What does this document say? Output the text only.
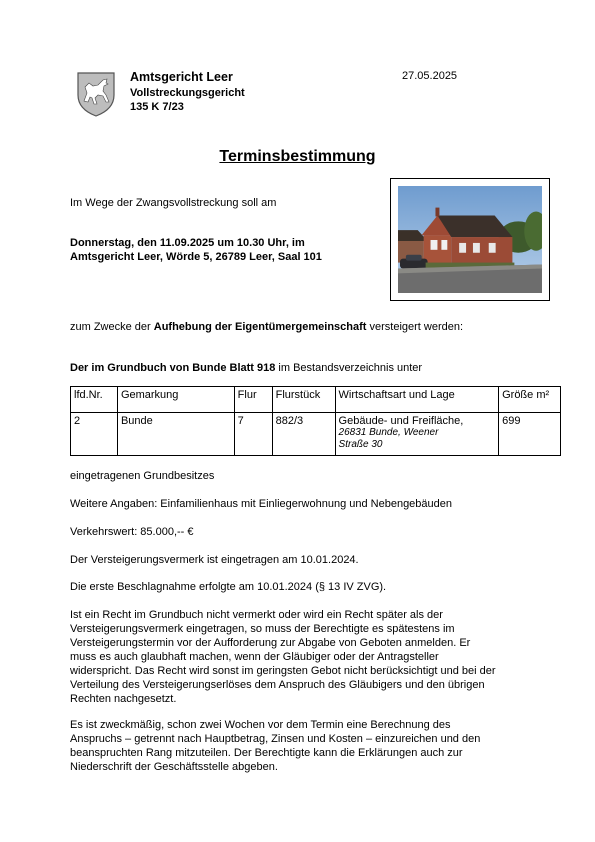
Amtsgericht Leer
Vollstreckungsgericht
135 K 7/23
27.05.2025
Terminsbestimmung
Im Wege der Zwangsvollstreckung soll am
Donnerstag, den 11.09.2025 um 10.30 Uhr, im
Amtsgericht Leer, Wörde 5, 26789 Leer, Saal 101
zum Zwecke der Aufhebung der Eigentümergemeinschaft versteigert werden:
Der im Grundbuch von Bunde Blatt 918 im Bestandsverzeichnis unter
lfd.Nr.	Gemarkung	Flur	Flurstück	Wirtschaftsart und Lage	Größe m²
2	Bunde	7	882/3	Gebäude- und Freifläche,
26831 Bunde, Weener
Straße 30	699
eingetragenen Grundbesitzes
Weitere Angaben: Einfamilienhaus mit Einliegerwohnung und Nebengebäuden
Verkehrswert: 85.000,-- €
Der Versteigerungsvermerk ist eingetragen am 10.01.2024.
Die erste Beschlagnahme erfolgte am 10.01.2024 (§ 13 IV ZVG).
Ist ein Recht im Grundbuch nicht vermerkt oder wird ein Recht später als der
Versteigerungsvermerk eingetragen, so muss der Berechtigte es spätestens im
Versteigerungstermin vor der Aufforderung zur Abgabe von Geboten anmelden. Er
muss es auch glaubhaft machen, wenn der Gläubiger oder der Antragsteller
widerspricht. Das Recht wird sonst im geringsten Gebot nicht berücksichtigt und bei der
Verteilung des Versteigerungserlöses dem Anspruch des Gläubigers und den übrigen
Rechten nachgesetzt.
Es ist zweckmäßig, schon zwei Wochen vor dem Termin eine Berechnung des
Anspruchs – getrennt nach Hauptbetrag, Zinsen und Kosten – einzureichen und den
beanspruchten Rang mitzuteilen. Der Berechtigte kann die Erklärungen auch zur
Niederschrift der Geschäftsstelle abgeben.
